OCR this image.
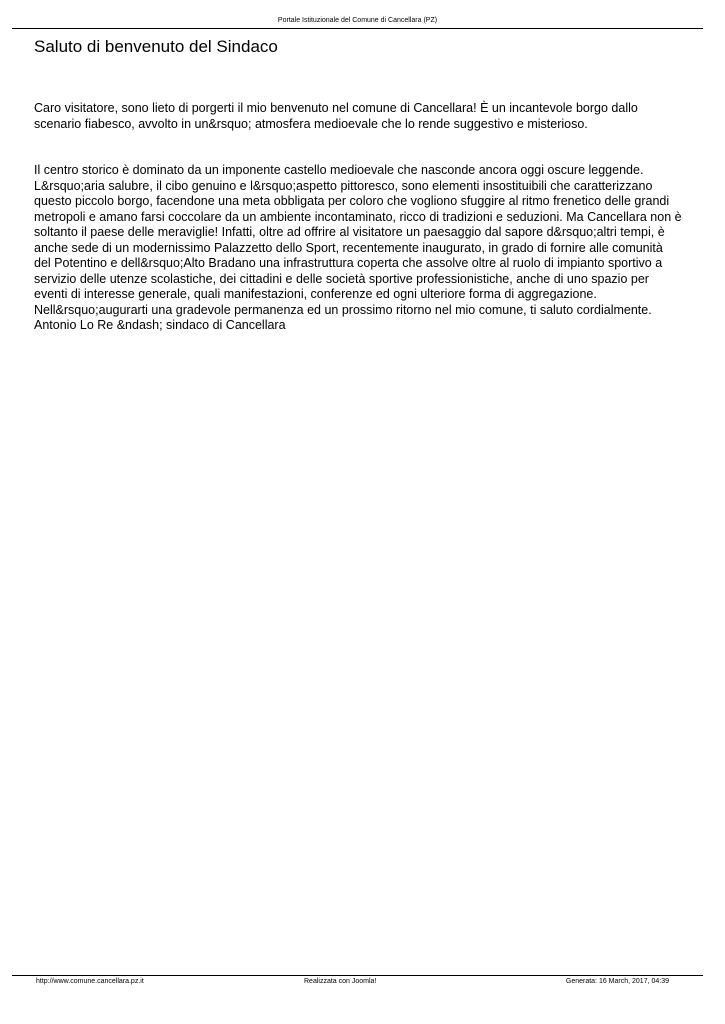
Portale Istituzionale del Comune di Cancellara (PZ)
Saluto di benvenuto del Sindaco

Caro visitatore, sono lieto di porgerti il mio benvenuto nel comune di Cancellara! È un incantevole borgo dallo scenario fiabesco, avvolto in un&rsquo; atmosfera medioevale che lo rende suggestivo e misterioso.

Il centro storico è dominato da un imponente castello medioevale che nasconde ancora oggi oscure leggende. L&rsquo;aria salubre, il cibo genuino e l&rsquo;aspetto pittoresco, sono elementi insostituibili che caratterizzano questo piccolo borgo, facendone una meta obbligata per coloro che vogliono sfuggire al ritmo frenetico delle grandi metropoli e amano farsi coccolare da un ambiente incontaminato, ricco di tradizioni e seduzioni. Ma Cancellara non è soltanto il paese delle meraviglie! Infatti, oltre ad offrire al visitatore un paesaggio dal sapore d&rsquo;altri tempi, è anche sede di un modernissimo Palazzetto dello Sport, recentemente inaugurato, in grado di fornire alle comunità del Potentino e dell&rsquo;Alto Bradano una infrastruttura coperta che assolve oltre al ruolo di impianto sportivo a servizio delle utenze scolastiche, dei cittadini e delle società sportive professionistiche, anche di uno spazio per eventi di interesse generale, quali manifestazioni, conferenze ed ogni ulteriore forma di aggregazione.

Nell&rsquo;augurarti una gradevole permanenza ed un prossimo ritorno nel mio comune, ti saluto cordialmente.

Antonio Lo Re &ndash; sindaco di Cancellara

http://www.comune.cancellara.pz.it	Realizzata con Joomla!	Generata: 16 March, 2017, 04:39
